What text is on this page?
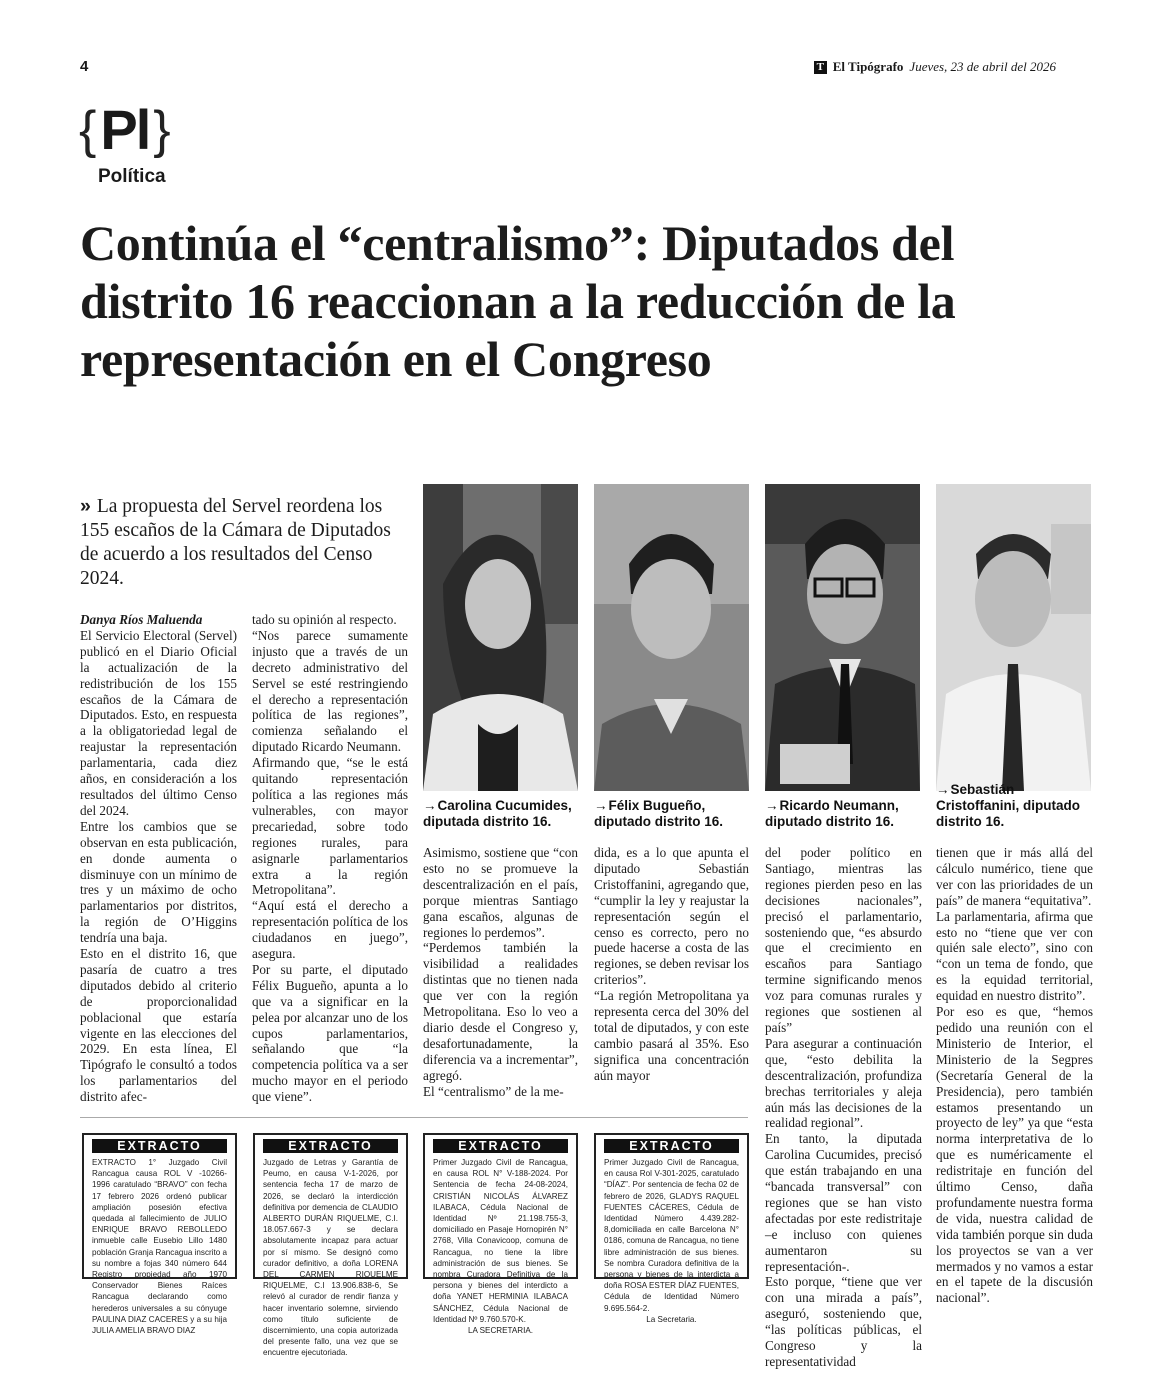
4	T El Tipógrafo Jueves, 23 de abril del 2026
{Pl}
Política
Continúa el “centralismo”: Diputados del distrito 16 reaccionan a la reducción de la representación en el Congreso
» La propuesta del Servel reordena los 155 escaños de la Cámara de Diputados de acuerdo a los resultados del Censo 2024.

Danya Ríos Maluenda

El Servicio Electoral (Servel) publicó en el Diario Oficial la actualización de la redistribución de los 155 escaños de la Cámara de Diputados. Esto, en respuesta a la obligatoriedad legal de reajustar la representación parlamentaria, cada diez años, en consideración a los resultados del último Censo del 2024.

Entre los cambios que se observan en esta publicación, en donde aumenta o disminuye con un mínimo de tres y un máximo de ocho parlamentarios por distritos, la región de O’Higgins tendría una baja.

Esto en el distrito 16, que pasaría de cuatro a tres diputados debido al criterio de proporcionalidad poblacional que estaría vigente en las elecciones del 2029. En esta línea, El Tipógrafo le consultó a todos los parlamentarios del distrito afec-

tado su opinión al respecto.

“Nos parece sumamente injusto que a través de un decreto administrativo del Servel se esté restringiendo el derecho a representación política de las regiones”, comienza señalando el diputado Ricardo Neumann.

Afirmando que, “se le está quitando representación política a las regiones más vulnerables, con mayor precariedad, sobre todo regiones rurales, para asignarle parlamentarios extra a la región Metropolitana”.

“Aquí está el derecho a representación política de los ciudadanos en juego”, asegura.

Por su parte, el diputado Félix Bugueño, apunta a lo que va a significar en la pelea por alcanzar uno de los cupos parlamentarios, señalando que “la competencia política va a ser mucho mayor en el periodo que viene”.

→Carolina Cucumides, diputada distrito 16.
→Félix Bugueño, diputado distrito 16.
→Ricardo Neumann, diputado distrito 16.
→Sebastián Cristoffanini, diputado distrito 16.

Asimismo, sostiene que “con esto no se promueve la descentralización en el país, porque mientras Santiago gana escaños, algunas de regiones lo perdemos”.

“Perdemos también la visibilidad a realidades distintas que no tienen nada que ver con la región Metropolitana. Eso lo veo a diario desde el Congreso y, desafortunadamente, la diferencia va a incrementar”, agregó.

El “centralismo” de la me-

dida, es a lo que apunta el diputado Sebastián Cristoffanini, agregando que, “cumplir la ley y reajustar la representación según el censo es correcto, pero no puede hacerse a costa de las regiones, se deben revisar los criterios”.

“La región Metropolitana ya representa cerca del 30% del total de diputados, y con este cambio pasará al 35%. Eso significa una concentración aún mayor

del poder político en Santiago, mientras las regiones pierden peso en las decisiones nacionales”, precisó el parlamentario, sosteniendo que, “es absurdo que el crecimiento en escaños para Santiago termine significando menos voz para comunas rurales y regiones que sostienen al país”

Para asegurar a continuación que, “esto debilita la descentralización, profundiza brechas territoriales y aleja aún más las decisiones de la realidad regional”.

En tanto, la diputada Carolina Cucumides, precisó que están trabajando en una “bancada transversal” con regiones que se han visto afectadas por este redistritaje –e incluso con quienes aumentaron su representación-.

Esto porque, “tiene que ver con una mirada a país”, aseguró, sosteniendo que, “las políticas públicas, el Congreso y la representatividad

tienen que ir más allá del cálculo numérico, tiene que ver con las prioridades de un país” de manera “equitativa”.

La parlamentaria, afirma que esto no “tiene que ver con quién sale electo”, sino con “con un tema de fondo, que es la equidad territorial, equidad en nuestro distrito”.

Por eso es que, “hemos pedido una reunión con el Ministerio de Interior, el Ministerio de la Segpres (Secretaría General de la Presidencia), pero también estamos presentando un proyecto de ley” ya que “esta norma interpretativa de lo que es numéricamente el redistritaje en función del último Censo, daña profundamente nuestra forma de vida, nuestra calidad de vida también porque sin duda los proyectos se van a ver mermados y no vamos a estar en el tapete de la discusión nacional”.

EXTRACTO
EXTRACTO 1° Juzgado Civil Rancagua causa ROL V -10266-1996 caratulado “BRAVO” con fecha 17 febrero 2026 ordenó publicar ampliación posesión efectiva quedada al fallecimiento de JULIO ENRIQUE BRAVO REBOLLEDO inmueble calle Eusebio Lillo 1480 población Granja Rancagua inscrito a su nombre a fojas 340 número 644 Registro propiedad año 1970 Conservador Bienes Raíces Rancagua declarando como herederos universales a su cónyuge PAULINA DIAZ CACERES y a su hija JULIA AMELIA BRAVO DIAZ
EXTRACTO
Juzgado de Letras y Garantía de Peumo, en causa V-1-2026, por sentencia fecha 17 de marzo de 2026, se declaró la interdicción definitiva por demencia de CLAUDIO ALBERTO DURÁN RIQUELME, C.I. 18.057.667-3 y se declara absolutamente incapaz para actuar por sí mismo. Se designó como curador definitivo, a doña LORENA DEL CARMEN RIQUELME RIQUELME, C.I 13.906.838-6, Se relevó al curador de rendir fianza y hacer inventario solemne, sirviendo como título suficiente de discernimiento, una copia autorizada del presente fallo, una vez que se encuentre ejecutoriada.
EXTRACTO
Primer Juzgado Civil de Rancagua, en causa ROL N° V-188-2024. Por Sentencia de fecha 24-08-2024, CRISTIÁN NICOLÁS ÁLVAREZ ILABACA, Cédula Nacional de Identidad Nº 21.198.755-3, domiciliado en Pasaje Hornopirén N° 2768, Villa Conavicoop, comuna de Rancagua, no tiene la libre administración de sus bienes. Se nombra Curadora Definitiva de la persona y bienes del interdicto a doña YANET HERMINIA ILABACA SÁNCHEZ, Cédula Nacional de Identidad Nº 9.760.570-K.
LA SECRETARIA.
EXTRACTO
Primer Juzgado Civil de Rancagua, en causa Rol V-301-2025, caratulado “DÍAZ”. Por sentencia de fecha 02 de febrero de 2026, GLADYS RAQUEL FUENTES CÁCERES, Cédula de Identidad Número 4.439.282-8,domiciliada en calle Barcelona N° 0186, comuna de Rancagua, no tiene libre administración de sus bienes. Se nombra Curadora definitiva de la persona y bienes de la interdicta a doña ROSA ESTER DÍAZ FUENTES, Cédula de Identidad Número 9.695.564-2.
La Secretaria.
